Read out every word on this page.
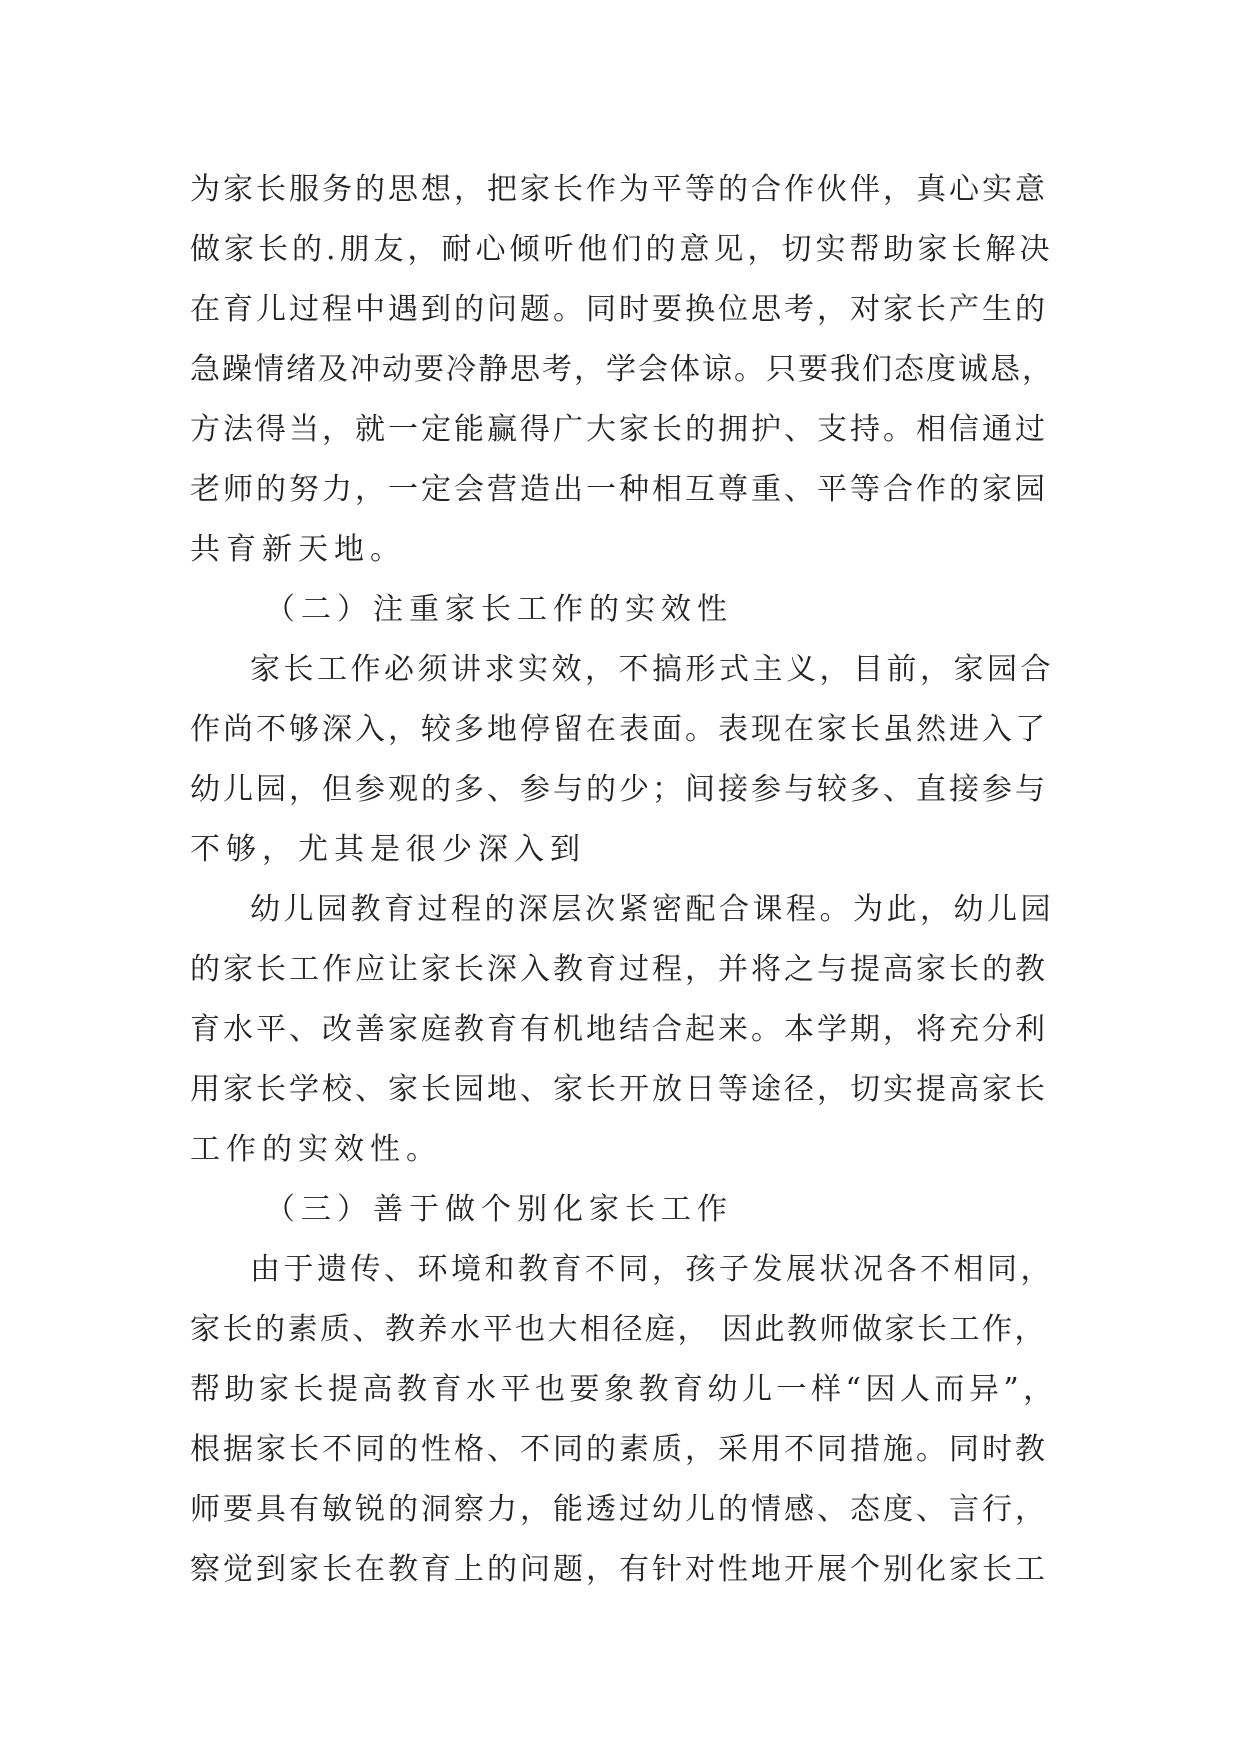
为家长服务的思想，把家长作为平等的合作伙伴，真心实意
做家长的.朋友，耐心倾听他们的意见，切实帮助家长解决
在育儿过程中遇到的问题。同时要换位思考，对家长产生的
急躁情绪及冲动要冷静思考，学会体谅。只要我们态度诚恳，
方法得当，就一定能赢得广大家长的拥护、支持。相信通过
老师的努力，一定会营造出一种相互尊重、平等合作的家园
共育新天地。
（二）注重家长工作的实效性
家长工作必须讲求实效，不搞形式主义，目前，家园合
作尚不够深入，较多地停留在表面。表现在家长虽然进入了
幼儿园，但参观的多、参与的少；间接参与较多、直接参与
不够，尤其是很少深入到
幼儿园教育过程的深层次紧密配合课程。为此，幼儿园
的家长工作应让家长深入教育过程，并将之与提高家长的教
育水平、改善家庭教育有机地结合起来。本学期，将充分利
用家长学校、家长园地、家长开放日等途径，切实提高家长
工作的实效性。
（三）善于做个别化家长工作
由于遗传、环境和教育不同，孩子发展状况各不相同，
家长的素质、教养水平也大相径庭， 因此教师做家长工作，
帮助家长提高教育水平也要象教育幼儿一样“因人而异”，
根据家长不同的性格、不同的素质，采用不同措施。同时教
师要具有敏锐的洞察力，能透过幼儿的情感、态度、言行，
察觉到家长在教育上的问题，有针对性地开展个别化家长工
